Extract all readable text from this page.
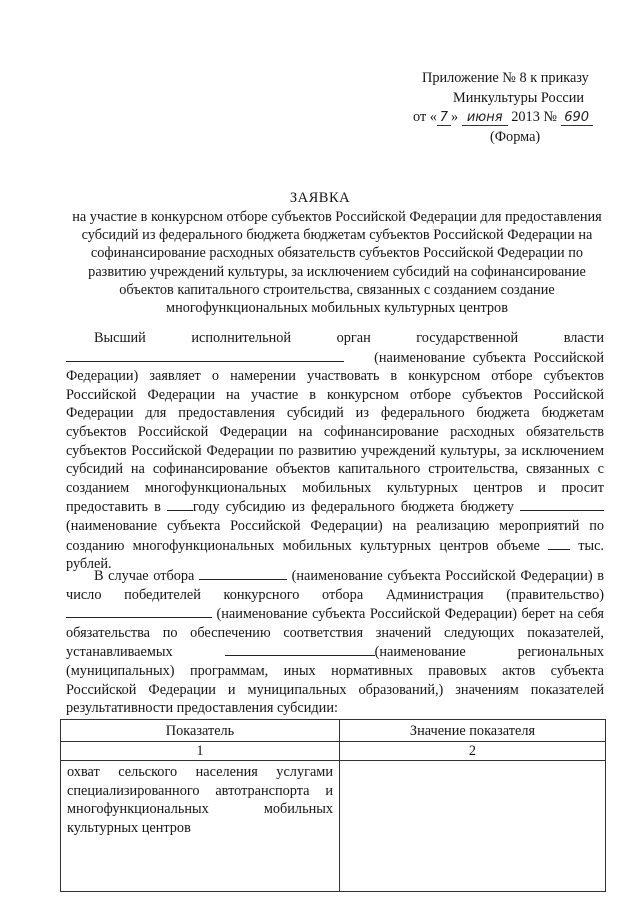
Приложение № 8 к приказу
Минкультуры России
от « 7 » июня 2013 № 690
(Форма)
ЗАЯВКА
на участие в конкурсном отборе субъектов Российской Федерации для предоставления субсидий из федерального бюджета бюджетам субъектов Российской Федерации на софинансирование расходных обязательств субъектов Российской Федерации по развитию учреждений культуры, за исключением субсидий на софинансирование объектов капитального строительства, связанных с созданием создание многофункциональных мобильных культурных центров
Высший исполнительной орган государственной власти
(наименование субъекта Российской Федерации) заявляет о намерении участвовать в конкурсном отборе субъектов Российской Федерации на участие в конкурсном отборе субъектов Российской Федерации для предоставления субсидий из федерального бюджета бюджетам субъектов Российской Федерации на софинансирование расходных обязательств субъектов Российской Федерации по развитию учреждений культуры, за исключением субсидий на софинансирование объектов капитального строительства, связанных с созданием многофункциональных мобильных культурных центров и просит предоставить в году субсидию из федерального бюджета бюджету  (наименование субъекта Российской Федерации) на реализацию мероприятий по созданию многофункциональных мобильных культурных центров объеме	тыс. рублей.
В случае отбора	(наименование субъекта Российской Федерации) в число победителей конкурсного отбора Администрация (правительство)  (наименование субъекта Российской Федерации) берет на себя обязательства по обеспечению соответствия значений следующих показателей, устанавливаемых	(наименование региональных (муниципальных) программам, иных нормативных правовых актов субъекта Российской Федерации и муниципальных образований,) значениям показателей результативности предоставления субсидии:
Показатель	Значение показателя
1	2
охват сельского населения услугами специализированного автотранспорта и многофункциональных мобильных культурных центров	
